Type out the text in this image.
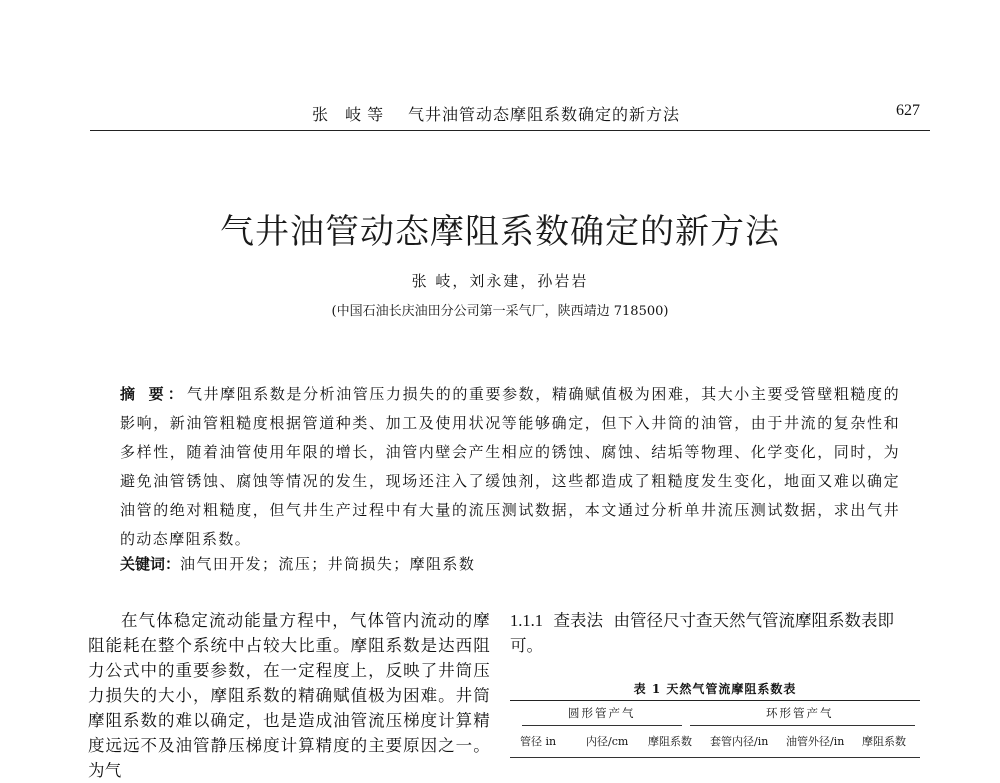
张 岐等 气井油管动态摩阻系数确定的新方法	627
气井油管动态摩阻系数确定的新方法
张 岐，刘永建，孙岩岩
(中国石油长庆油田分公司第一采气厂，陕西靖边 718500)
摘 要：气井摩阻系数是分析油管压力损失的的重要参数，精确赋值极为困难，其大小主要受管壁粗糙度的影响，新油管粗糙度根据管道种类、加工及使用状况等能够确定，但下入井筒的油管，由于井流的复杂性和多样性，随着油管使用年限的增长，油管内壁会产生相应的锈蚀、腐蚀、结垢等物理、化学变化，同时，为避免油管锈蚀、腐蚀等情况的发生，现场还注入了缓蚀剂，这些都造成了粗糙度发生变化，地面又难以确定油管的绝对粗糙度，但气井生产过程中有大量的流压测试数据，本文通过分析单井流压测试数据，求出气井的动态摩阻系数。
关键词：油气田开发；流压；井筒损失；摩阻系数

在气体稳定流动能量方程中，气体管内流动的摩阻能耗在整个系统中占较大比重。摩阻系数是达西阻力公式中的重要参数，在一定程度上，反映了井筒压力损失的大小，摩阻系数的精确赋值极为困难。井筒摩阻系数的难以确定，也是造成油管流压梯度计算精度远远不及油管静压梯度计算精度的主要原因之一。为气

1.1.1 查表法 由管径尺寸查天然气管流摩阻系数表即可。

表 1 天然气管流摩阻系数表
圆形管产气	环形管产气
管径 in	内径/cm 摩阻系数 套管内径/in 油管外径/in 摩阻系数
